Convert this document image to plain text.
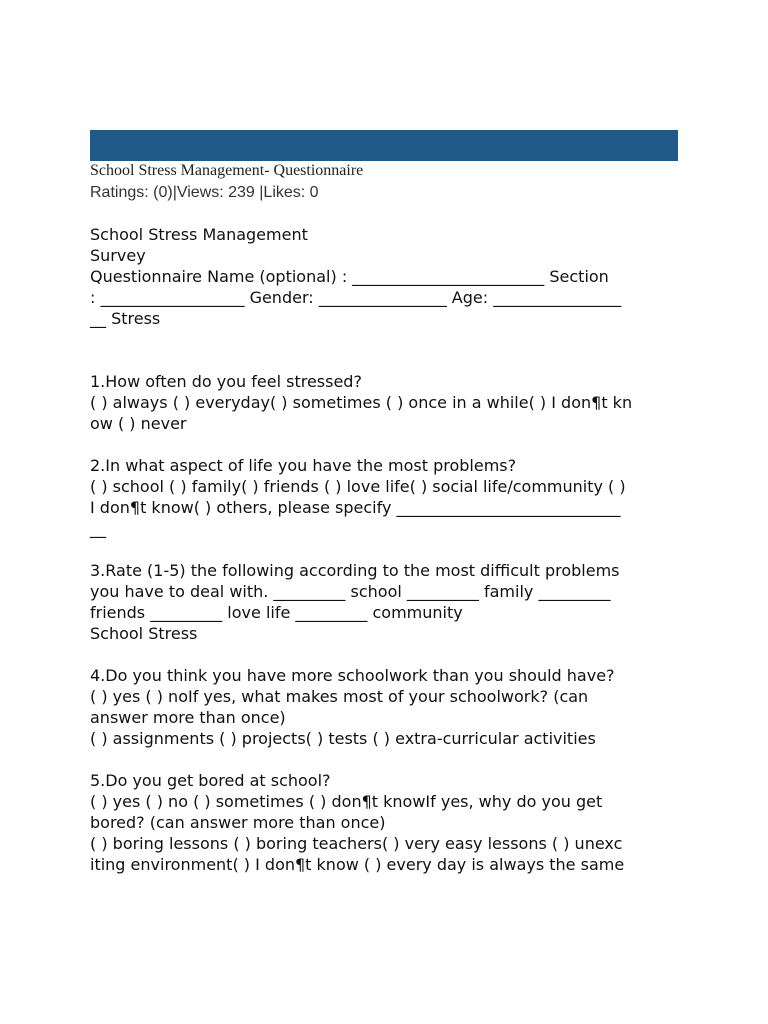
School Stress Management- Questionnaire
Ratings: (0)|Views: 239 |Likes: 0
School Stress Management
Survey
Questionnaire Name (optional) : ________________________ Section
: __________________ Gender: ________________ Age: ________________
__ Stress
1.How often do you feel stressed?
( ) always ( ) everyday( ) sometimes ( ) once in a while( ) I don¶t kn
ow ( ) never
2.In what aspect of life you have the most problems?
( ) school ( ) family( ) friends ( ) love life( ) social life/community ( )
I don¶t know( ) others, please specify ____________________________
__
3.Rate (1-5) the following according to the most difficult problems
you have to deal with. _________ school _________ family _________
friends _________ love life _________ community
School Stress
4.Do you think you have more schoolwork than you should have?
( ) yes ( ) noIf yes, what makes most of your schoolwork? (can
answer more than once)
( ) assignments ( ) projects( ) tests ( ) extra-curricular activities
5.Do you get bored at school?
( ) yes ( ) no ( ) sometimes ( ) don¶t knowIf yes, why do you get
bored? (can answer more than once)
( ) boring lessons ( ) boring teachers( ) very easy lessons ( ) unexc
iting environment( ) I don¶t know ( ) every day is always the same
